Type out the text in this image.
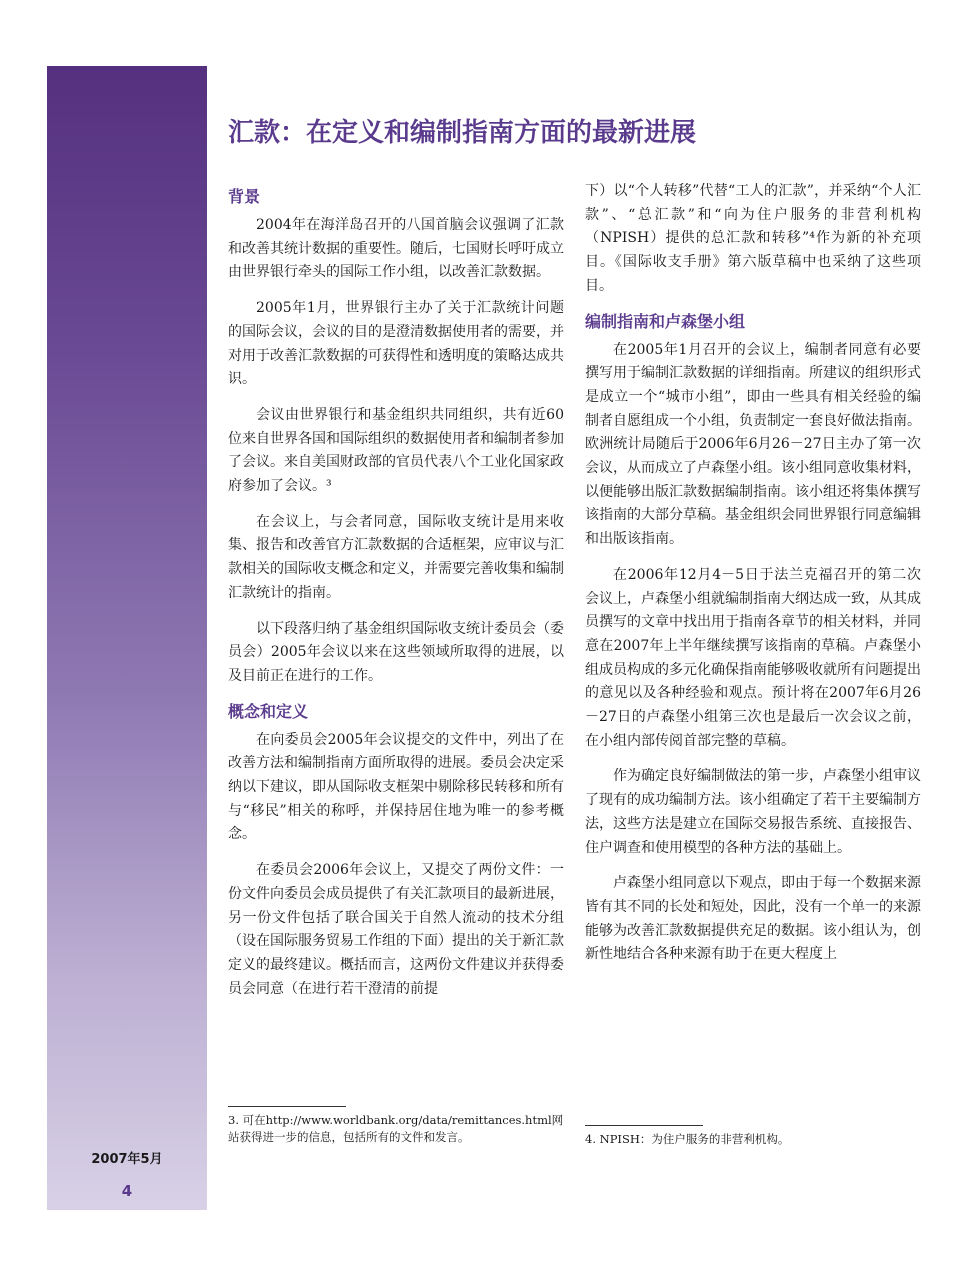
2007年5月
4
汇款：在定义和编制指南方面的最新进展
背景

2004年在海洋岛召开的八国首脑会议强调了汇款和改善其统计数据的重要性。随后，七国财长呼吁成立由世界银行牵头的国际工作小组，以改善汇款数据。

2005年1月，世界银行主办了关于汇款统计问题的国际会议，会议的目的是澄清数据使用者的需要，并对用于改善汇款数据的可获得性和透明度的策略达成共识。

会议由世界银行和基金组织共同组织，共有近60 位来自世界各国和国际组织的数据使用者和编制者参加了会议。来自美国财政部的官员代表八个工业化国家政府参加了会议。³

在会议上，与会者同意，国际收支统计是用来收集、报告和改善官方汇款数据的合适框架，应审议与汇款相关的国际收支概念和定义，并需要完善收集和编制汇款统计的指南。

以下段落归纳了基金组织国际收支统计委员会（委员会）2005年会议以来在这些领域所取得的进展，以及目前正在进行的工作。

概念和定义

在向委员会2005年会议提交的文件中，列出了在改善方法和编制指南方面所取得的进展。委员会决定采纳以下建议，即从国际收支框架中剔除移民转移和所有与“移民”相关的称呼，并保持居住地为唯一的参考概念。

在委员会2006年会议上，又提交了两份文件：一份文件向委员会成员提供了有关汇款项目的最新进展，另一份文件包括了联合国关于自然人流动的技术分组（设在国际服务贸易工作组的下面）提出的关于新汇款定义的最终建议。概括而言，这两份文件建议并获得委员会同意（在进行若干澄清的前提

下）以“个人转移”代替“工人的汇款”，并采纳“个人汇款”、“总汇款”和“向为住户服务的非营利机构（NPISH）提供的总汇款和转移”⁴作为新的补充项目。《国际收支手册》第六版草稿中也采纳了这些项目。

编制指南和卢森堡小组

在2005年1月召开的会议上，编制者同意有必要撰写用于编制汇款数据的详细指南。所建议的组织形式是成立一个“城市小组”，即由一些具有相关经验的编制者自愿组成一个小组，负责制定一套良好做法指南。欧洲统计局随后于2006年6月26－27日主办了第一次会议，从而成立了卢森堡小组。该小组同意收集材料，以便能够出版汇款数据编制指南。该小组还将集体撰写该指南的大部分草稿。基金组织会同世界银行同意编辑和出版该指南。

在2006年12月4－5日于法兰克福召开的第二次会议上，卢森堡小组就编制指南大纲达成一致，从其成员撰写的文章中找出用于指南各章节的相关材料，并同意在2007年上半年继续撰写该指南的草稿。卢森堡小组成员构成的多元化确保指南能够吸收就所有问题提出的意见以及各种经验和观点。预计将在2007年6月26－27日的卢森堡小组第三次也是最后一次会议之前，在小组内部传阅首部完整的草稿。

作为确定良好编制做法的第一步，卢森堡小组审议了现有的成功编制方法。该小组确定了若干主要编制方法，这些方法是建立在国际交易报告系统、直接报告、住户调查和使用模型的各种方法的基础上。

卢森堡小组同意以下观点，即由于每一个数据来源皆有其不同的长处和短处，因此，没有一个单一的来源能够为改善汇款数据提供充足的数据。该小组认为，创新性地结合各种来源有助于在更大程度上

3. 可在http://www.worldbank.org/data/remittances.html网站获得进一步的信息，包括所有的文件和发言。	4. NPISH：为住户服务的非营利机构。
